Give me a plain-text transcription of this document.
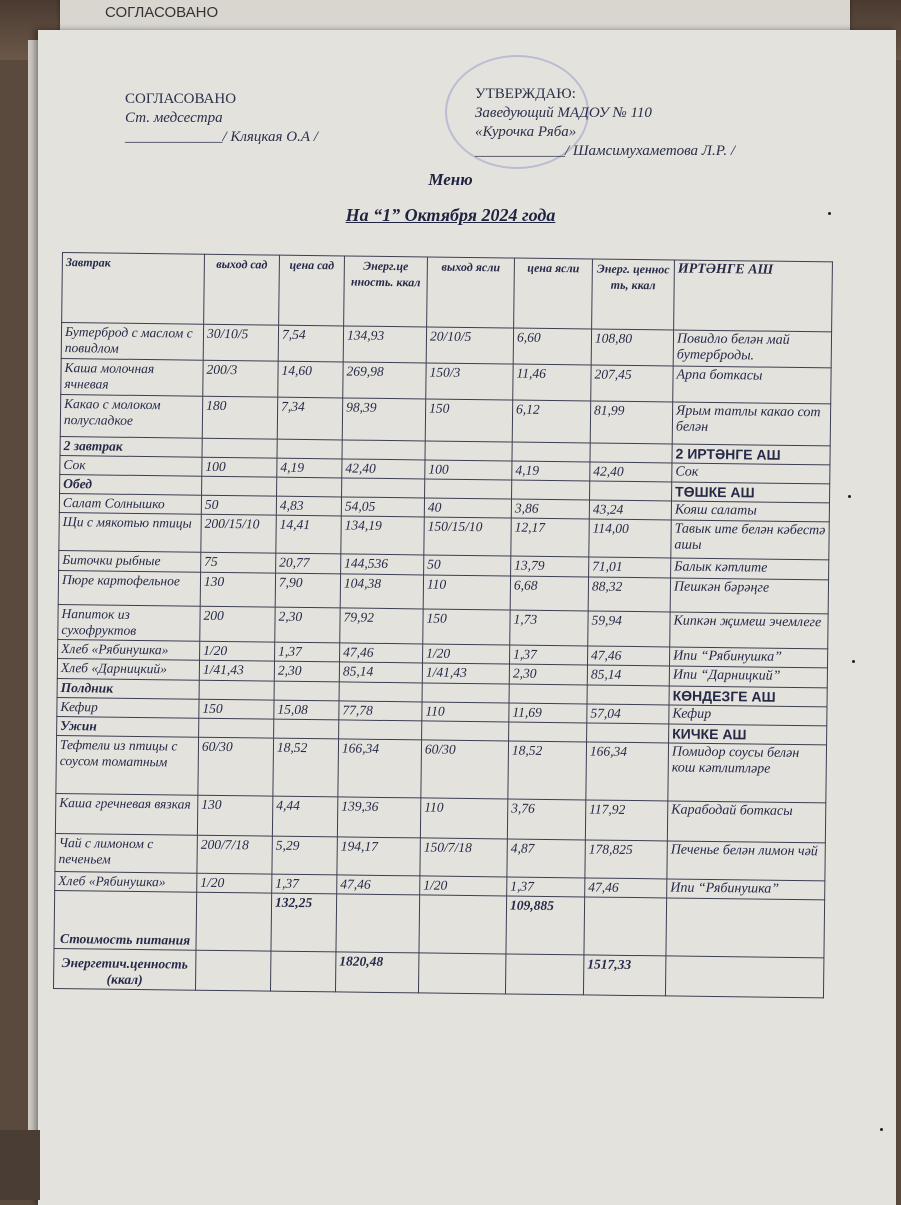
СОГЛАСОВАНО
СОГЛАСОВАНО
Ст. медсестра
_____________/ Кляцкая О.А /
УТВЕРЖДАЮ:
Заведующий МАДОУ № 110
«Курочка Ряба»
____________/ Шамсимухаметова Л.Р. /
Меню
На “1” Октября 2024 года
Завтрак	выход сад	цена сад	Энерг.це нность. ккал	выход ясли	цена ясли	Энерг. ценнос ть, ккал	ИРТӘНГЕ АШ
Бутерброд с маслом с повидлом	30/10/5	7,54	134,93	20/10/5	6,60	108,80	Повидло белән май бутерброды.
Каша молочная ячневая	200/3	14,60	269,98	150/3	11,46	207,45	Арпа боткасы
Какао с молоком полусладкое	180	7,34	98,39	150	6,12	81,99	Ярым татлы какао сот белән
2 завтрак							2 ИРТӘНГЕ АШ
Сок	100	4,19	42,40	100	4,19	42,40	Сок
Обед							ТӨШКЕ АШ
Салат Солнышко	50	4,83	54,05	40	3,86	43,24	Кояш салаты
Щи с мякотью птицы	200/15/10	14,41	134,19	150/15/10	12,17	114,00	Тавык ите белән кәбестә ашы
Биточки рыбные	75	20,77	144,536	50	13,79	71,01	Балык кәтлите
Пюре картофельное	130	7,90	104,38	110	6,68	88,32	Пешкән бәрәңге
Напиток из сухофруктов	200	2,30	79,92	150	1,73	59,94	Кипкән җимеш эчемлеге
Хлеб «Рябинушка»	1/20	1,37	47,46	1/20	1,37	47,46	Ипи “Рябинушка”
Хлеб «Дарницкий»	1/41,43	2,30	85,14	1/41,43	2,30	85,14	Ипи “Дарницкий”
Полдник							КӨНДЕЗГЕ АШ
Кефир	150	15,08	77,78	110	11,69	57,04	Кефир
Ужин							КИЧКЕ АШ
Тефтели из птицы с соусом томатным	60/30	18,52	166,34	60/30	18,52	166,34	Помидор соусы белән кош кәтлитләре
Каша гречневая вязкая	130	4,44	139,36	110	3,76	117,92	Карабодай боткасы
Чай с лимоном с печеньем	200/7/18	5,29	194,17	150/7/18	4,87	178,825	Печенье белән лимон чәй
Хлеб «Рябинушка»	1/20	1,37	47,46	1/20	1,37	47,46	Ипи “Рябинушка”
Стоимость питания		132,25			109,885		
Энергетич.ценность (ккал)			1820,48			1517,33	
